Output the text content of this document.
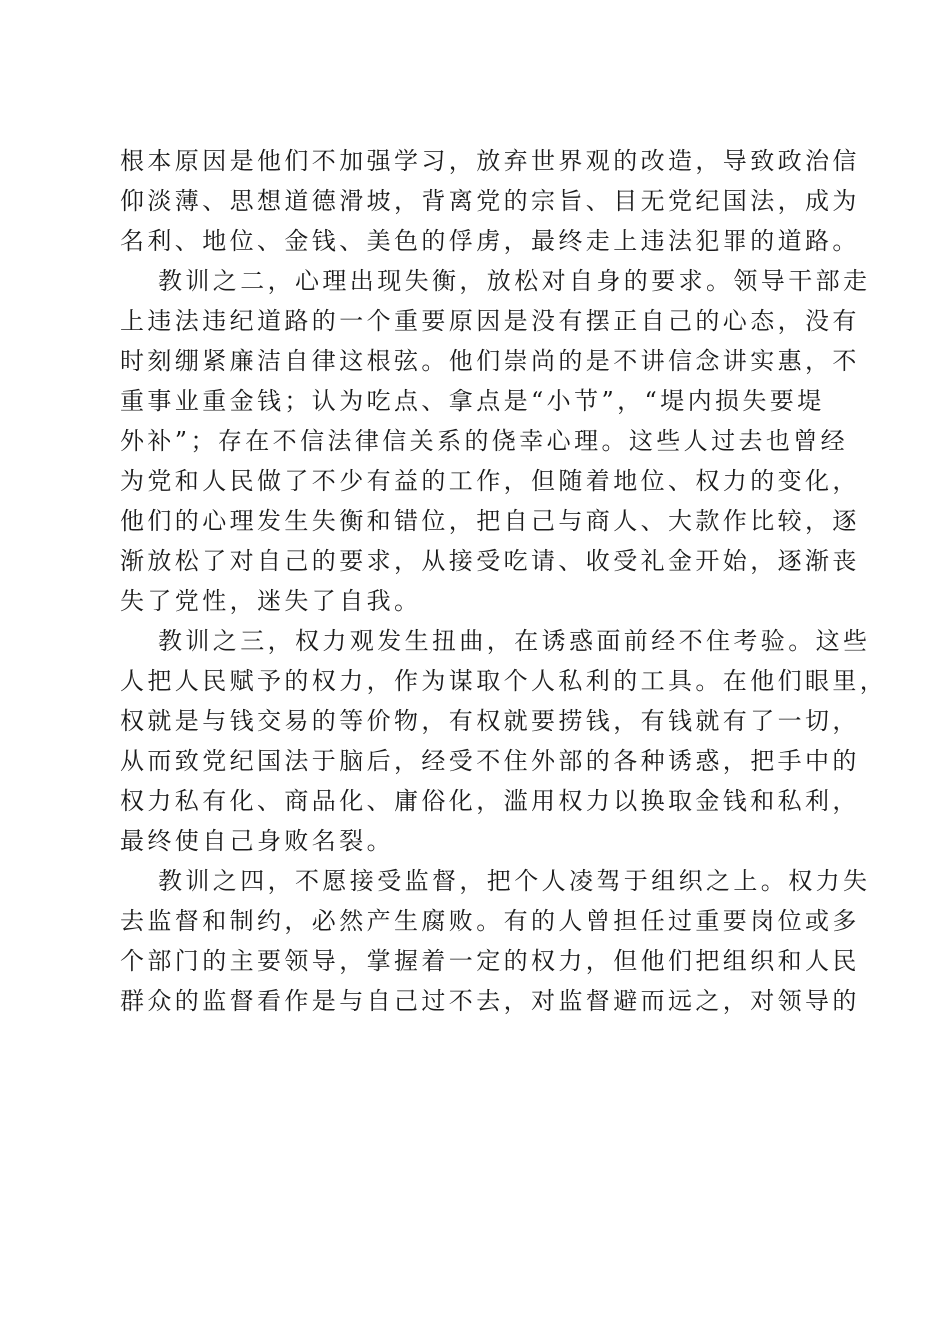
根本原因是他们不加强学习，放弃世界观的改造，导致政治信
仰淡薄、思想道德滑坡，背离党的宗旨、目无党纪国法，成为
名利、地位、金钱、美色的俘虏，最终走上违法犯罪的道路。
教训之二，心理出现失衡，放松对自身的要求。领导干部走
上违法违纪道路的一个重要原因是没有摆正自己的心态，没有
时刻绷紧廉洁自律这根弦。他们崇尚的是不讲信念讲实惠，不
重事业重金钱；认为吃点、拿点是“小节”，“堤内损失要堤
外补”；存在不信法律信关系的侥幸心理。这些人过去也曾经
为党和人民做了不少有益的工作，但随着地位、权力的变化，
他们的心理发生失衡和错位，把自己与商人、大款作比较，逐
渐放松了对自己的要求，从接受吃请、收受礼金开始，逐渐丧
失了党性，迷失了自我。
教训之三，权力观发生扭曲，在诱惑面前经不住考验。这些
人把人民赋予的权力，作为谋取个人私利的工具。在他们眼里，
权就是与钱交易的等价物，有权就要捞钱，有钱就有了一切，
从而致党纪国法于脑后，经受不住外部的各种诱惑，把手中的
权力私有化、商品化、庸俗化，滥用权力以换取金钱和私利，
最终使自己身败名裂。
教训之四，不愿接受监督，把个人凌驾于组织之上。权力失
去监督和制约，必然产生腐败。有的人曾担任过重要岗位或多
个部门的主要领导，掌握着一定的权力，但他们把组织和人民
群众的监督看作是与自己过不去，对监督避而远之，对领导的
